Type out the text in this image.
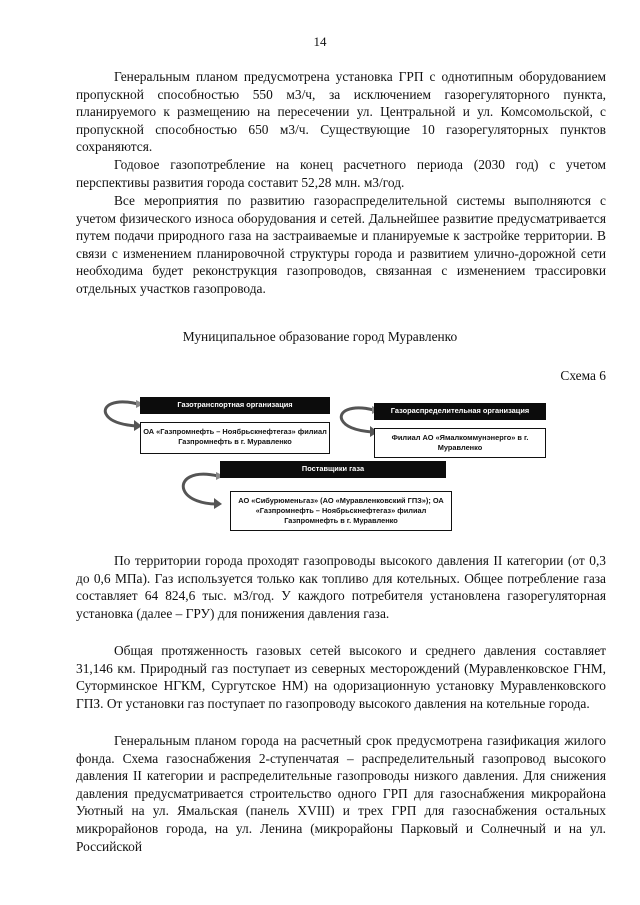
14

Генеральным планом предусмотрена установка ГРП с однотипным оборудованием пропускной способностью 550 м3/ч, за исключением газорегуляторного пункта, планируемого к размещению на пересечении ул. Центральной и ул. Комсомольской, с пропускной способностью 650 м3/ч. Существующие 10 газорегуляторных пунктов сохраняются.

Годовое газопотребление на конец расчетного периода (2030 год) с учетом перспективы развития города составит 52,28 млн. м3/год.

Все мероприятия по развитию газораспределительной системы выполняются с учетом физического износа оборудования и сетей. Дальнейшее развитие предусматривается путем подачи природного газа на застраиваемые и планируемые к застройке территории. В связи с изменением планировочной структуры города и развитием улично-дорожной сети необходима будет реконструкция газопроводов, связанная с изменением трассировки отдельных участков газопровода.

Муниципальное образование город Муравленко
Схема 6
Газотранспортная организация
ОА «Газпромнефть – Ноябрьскнефтегаз» филиал Газпромнефть в г. Муравленко
Газораспределительная организация
Филиал АО «Ямалкоммунэнерго» в г. Муравленко
Поставщики газа
АО «Сибурюменьгаз» (АО «Муравленковский ГПЗ»); ОА «Газпромнефть – Ноябрьскнефтегаз» филиал Газпромнефть в г. Муравленко

По территории города проходят газопроводы высокого давления II категории (от 0,3 до 0,6 МПа). Газ используется только как топливо для котельных. Общее потребление газа составляет 64 824,6 тыс. м3/год. У каждого потребителя установлена газорегуляторная установка (далее – ГРУ) для понижения давления газа.

Общая протяженность газовых сетей высокого и среднего давления составляет 31,146 км. Природный газ поступает из северных месторождений (Муравленковское ГНМ, Суторминское НГКМ, Сургутское НМ) на одоризационную установку Муравленковского ГПЗ. От установки газ поступает по газопроводу высокого давления на котельные города.

Генеральным планом города на расчетный срок предусмотрена газификация жилого фонда. Схема газоснабжения 2-ступенчатая – распределительный газопровод высокого давления II категории и распределительные газопроводы низкого давления. Для снижения давления предусматривается строительство одного ГРП для газоснабжения микрорайона Уютный на ул. Ямальская (панель XVIII) и трех ГРП для газоснабжения остальных микрорайонов города, на ул. Ленина (микрорайоны Парковый и Солнечный и на ул. Российской
